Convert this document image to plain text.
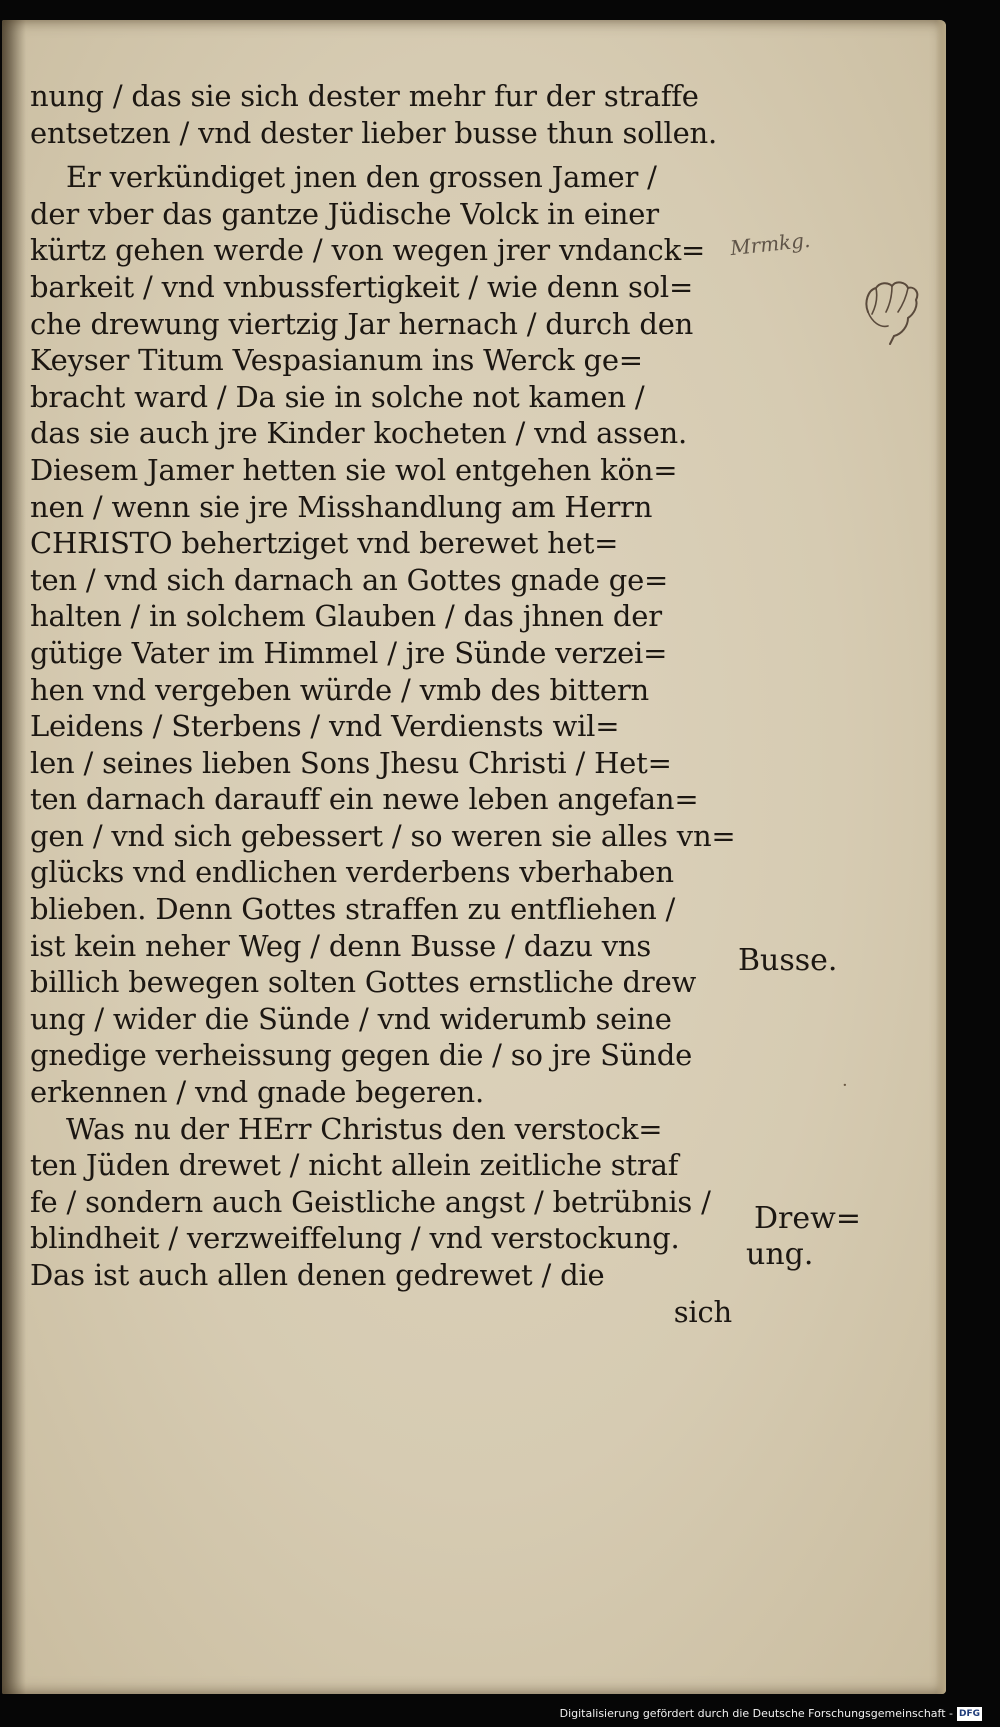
nung / das sie sich dester mehr fur der straffe
entsetzen / vnd dester lieber busse thun sollen.
Er verkündiget jnen den grossen Jamer /
der vber das gantze Jüdische Volck in einer
kürtz gehen werde / von wegen jrer vndanck=
barkeit / vnd vnbussfertigkeit / wie denn sol=
che drewung viertzig Jar hernach / durch den
Keyser Titum Vespasianum ins Werck ge=
bracht ward / Da sie in solche not kamen /
das sie auch jre Kinder kocheten / vnd assen.
Diesem Jamer hetten sie wol entgehen kön=
nen / wenn sie jre Misshandlung am Herrn
CHRISTO behertziget vnd berewet het=
ten / vnd sich darnach an Gottes gnade ge=
halten / in solchem Glauben / das jhnen der
gütige Vater im Himmel / jre Sünde verzei=
hen vnd vergeben würde / vmb des bittern
Leidens / Sterbens / vnd Verdiensts wil=
len / seines lieben Sons Jhesu Christi / Het=
ten darnach darauff ein newe leben angefan=
gen / vnd sich gebessert / so weren sie alles vn=
glücks vnd endlichen verderbens vberhaben
blieben. Denn Gottes straffen zu entfliehen /
ist kein neher Weg / denn Busse / dazu vns
billich bewegen solten Gottes ernstliche drew
ung / wider die Sünde / vnd widerumb seine
gnedige verheissung gegen die / so jre Sünde
erkennen / vnd gnade begeren.
Was nu der HErr Christus den verstock=
ten Jüden drewet / nicht allein zeitliche straf
fe / sondern auch Geistliche angst / betrübnis /
blindheit / verzweiffelung / vnd verstockung.
Das ist auch allen denen gedrewet / die
sich
Busse.
Drew=
ung.
Mrmkg.
·
Digitalisierung gefördert durch die Deutsche Forschungsgemeinschaft - DFG
